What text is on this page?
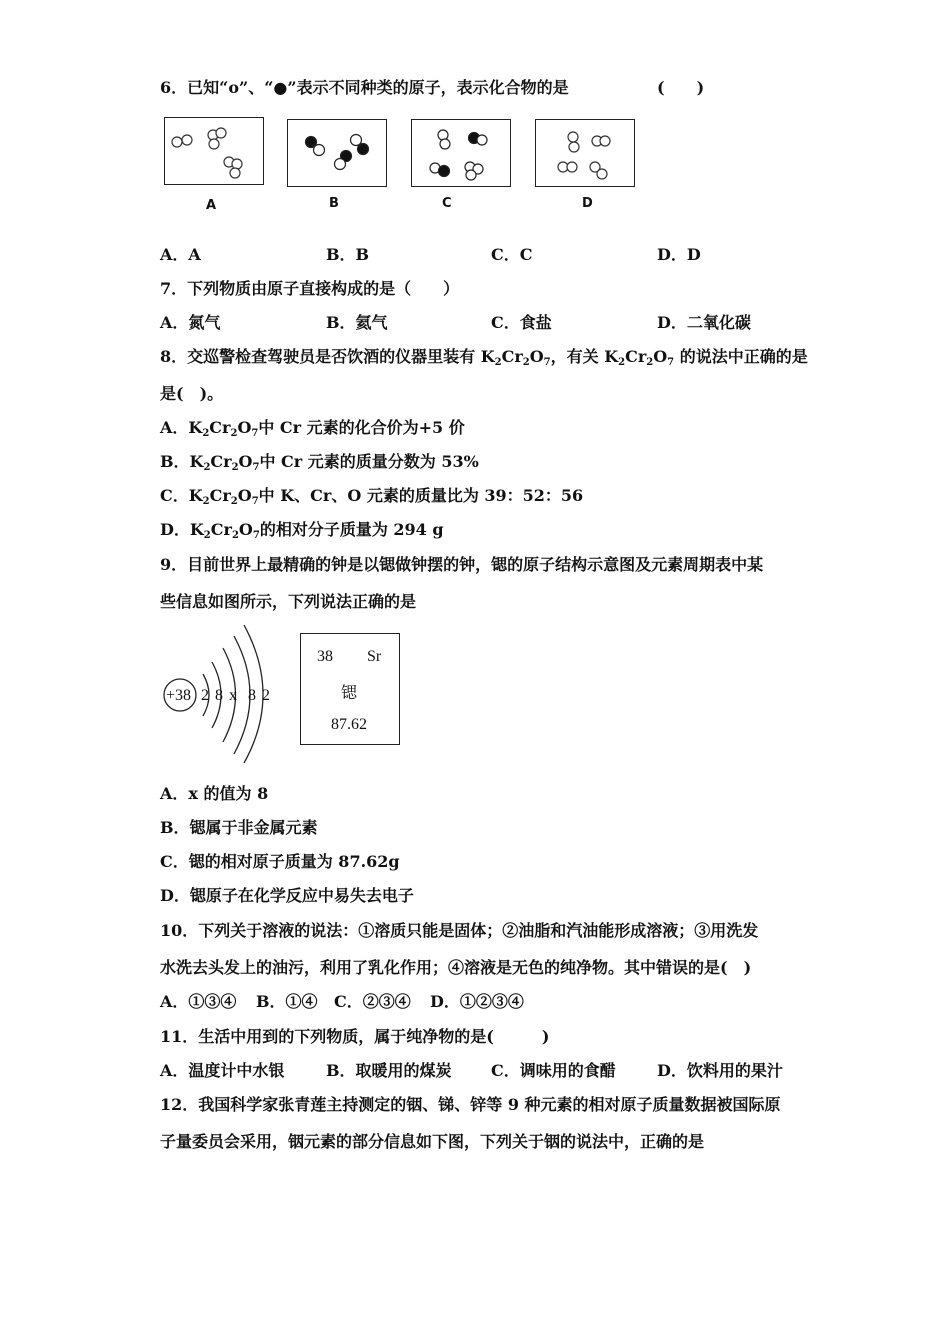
6．已知“o”、“●”表示不同种类的原子，表示化合物的是	(　　)
A	B	C	D
A．A	B．B	C．C	D．D
7．下列物质由原子直接构成的是（　　）
A．氮气	B．氦气	C．食盐	D．二氧化碳
8．交巡警检查驾驶员是否饮酒的仪器里装有 $K_2Cr_2O_7$，有关 $K_2Cr_2O_7$ 的说法中正确的是
是(　)。
A．$K_2Cr_2O_7$中 Cr 元素的化合价为+5 价
B．$K_2Cr_2O_7$中 Cr 元素的质量分数为 53%
C．$K_2Cr_2O_7$中 K、Cr、O 元素的质量比为 39：52：56
D．$K_2Cr_2O_7$的相对分子质量为 294 g
9．目前世界上最精确的钟是以锶做钟摆的钟，锶的原子结构示意图及元素周期表中某
些信息如图所示，下列说法正确的是
+38 2 8 x  8 2
38 Sr
锶
87.62
A．x 的值为 8
B．锶属于非金属元素
C．锶的相对原子质量为 87.62g
D．锶原子在化学反应中易失去电子
10．下列关于溶液的说法：①溶质只能是固体；②油脂和汽油能形成溶液；③用洗发
水洗去头发上的油污，利用了乳化作用；④溶液是无色的纯净物。其中错误的是(　)
A．①③④ B．①④ C．②③④ D．①②③④
11．生活中用到的下列物质，属于纯净物的是(　　　)
A．温度计中水银	B．取暖用的煤炭 C．调味用的食醋	D．饮料用的果汁
12．我国科学家张青莲主持测定的铟、锑、锌等 9 种元素的相对原子质量数据被国际原
子量委员会采用，铟元素的部分信息如下图，下列关于铟的说法中，正确的是
